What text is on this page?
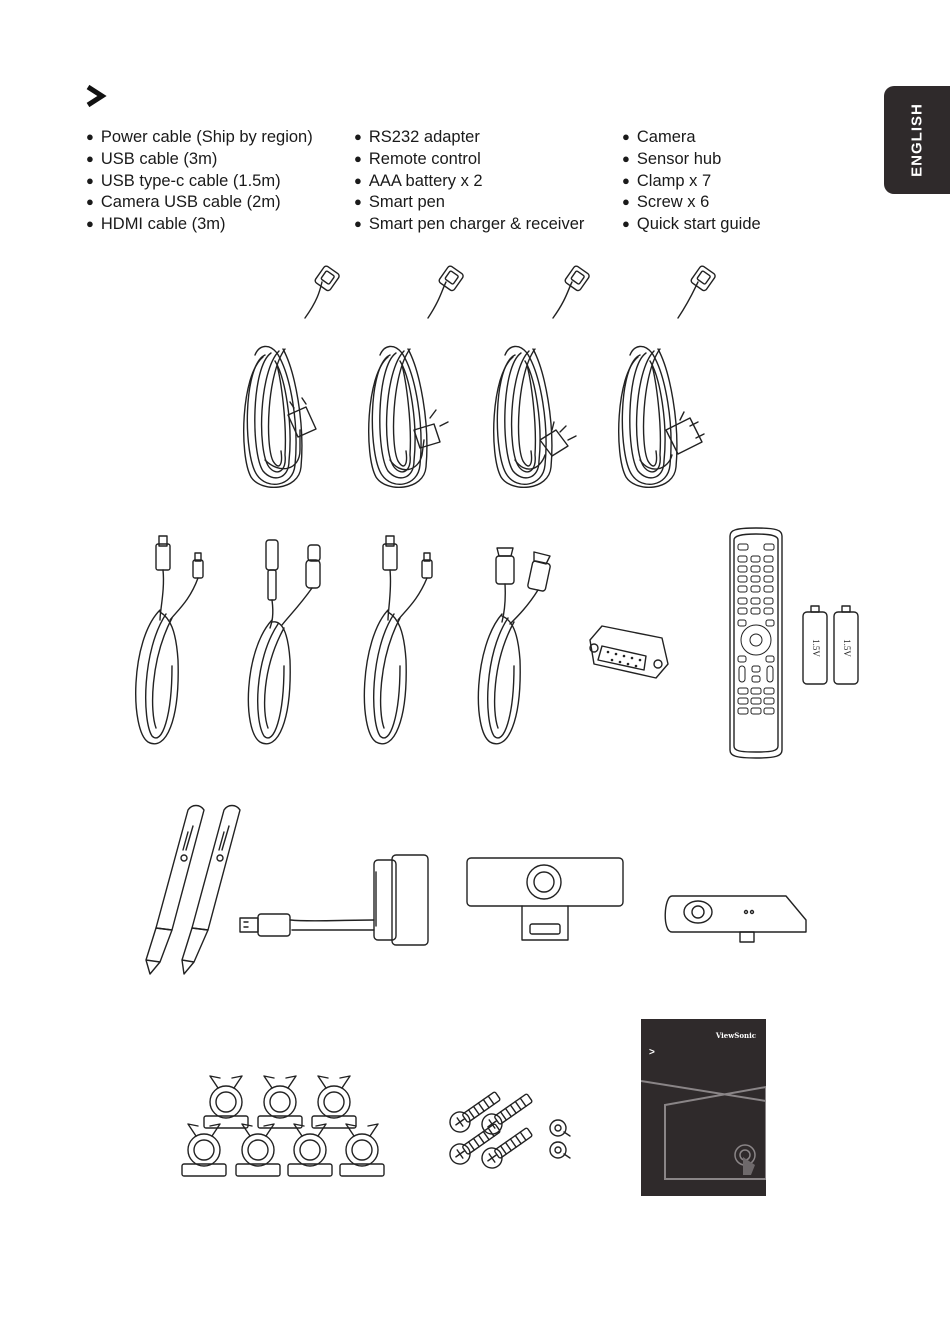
ENGLISH
● Power cable (Ship by region)
● USB cable (3m)
● USB type-c cable (1.5m)
● Camera USB cable (2m)
● HDMI cable (3m)
● RS232 adapter
● Remote control
● AAA battery x 2
● Smart pen
● Smart pen charger & receiver
● Camera
● Sensor hub
● Clamp x 7
● Screw x 6
● Quick start guide
1.5V 1.5V
ViewSonic
>
